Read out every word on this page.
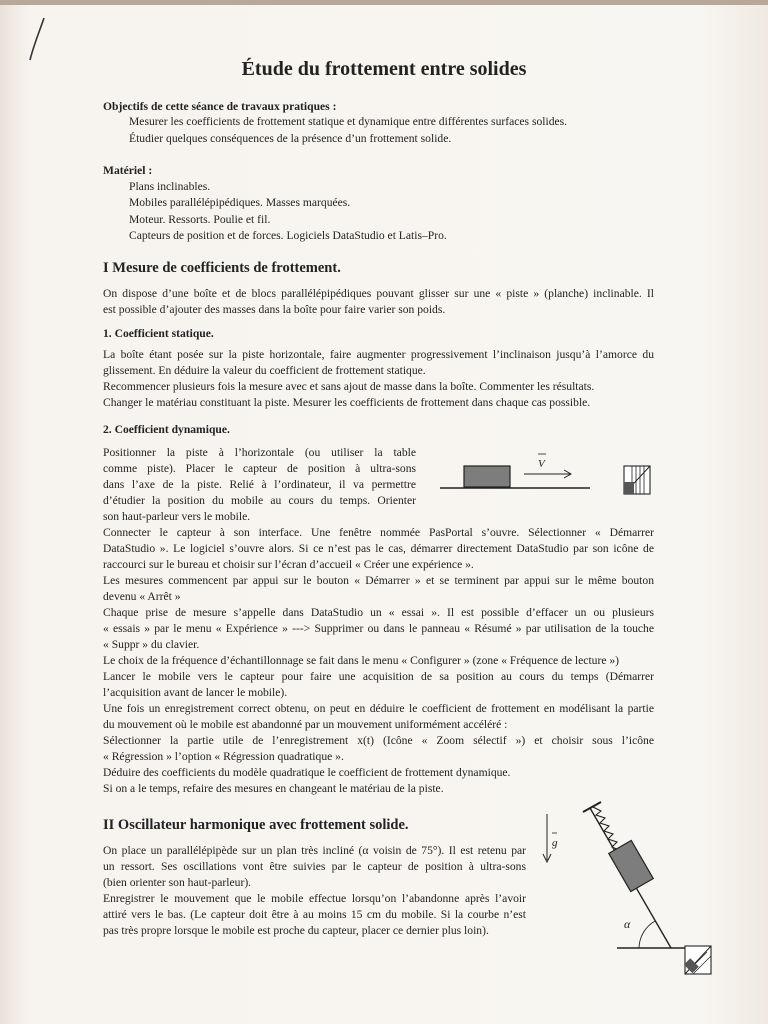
Étude du frottement entre solides
Objectifs de cette séance de travaux pratiques :
Mesurer les coefficients de frottement statique et dynamique entre différentes surfaces solides.
Étudier quelques conséquences de la présence d’un frottement solide.
Matériel :
Plans inclinables.
Mobiles parallélépipédiques. Masses marquées.
Moteur. Ressorts. Poulie et fil.
Capteurs de position et de forces. Logiciels DataStudio et Latis–Pro.
I Mesure de coefficients de frottement.
On dispose d’une boîte et de blocs parallélépipédiques pouvant glisser sur une « piste » (planche) inclinable. Il
est possible d’ajouter des masses dans la boîte pour faire varier son poids.
1. Coefficient statique.
La boîte étant posée sur la piste horizontale, faire augmenter progressivement l’inclinaison jusqu’à l’amorce du
glissement. En déduire la valeur du coefficient de frottement statique.
Recommencer plusieurs fois la mesure avec et sans ajout de masse dans la boîte. Commenter les résultats.
Changer le matériau constituant la piste. Mesurer les coefficients de frottement dans chaque cas possible.
2. Coefficient dynamique.
Positionner la piste à l’horizontale (ou utiliser la table
comme piste). Placer le capteur de position à ultra-sons
dans l’axe de la piste. Relié à l’ordinateur, il va permettre
d’étudier la position du mobile au cours du temps. Orienter
son haut-parleur vers le mobile.
V
Connecter le capteur à son interface. Une fenêtre nommée PasPortal s’ouvre. Sélectionner « Démarrer
DataStudio ». Le logiciel s’ouvre alors. Si ce n’est pas le cas, démarrer directement DataStudio par son icône de
raccourci sur le bureau et choisir sur l’écran d’accueil « Créer une expérience ».
Les mesures commencent par appui sur le bouton « Démarrer » et se terminent par appui sur le même bouton
devenu « Arrêt »
Chaque prise de mesure s’appelle dans DataStudio un « essai ». Il est possible d’effacer un ou plusieurs
« essais » par le menu « Expérience » ---> Supprimer ou dans le panneau « Résumé » par utilisation de la touche
« Suppr » du clavier.
Le choix de la fréquence d’échantillonnage se fait dans le menu « Configurer » (zone « Fréquence de lecture »)
Lancer le mobile vers le capteur pour faire une acquisition de sa position au cours du temps (Démarrer
l’acquisition avant de lancer le mobile).
Une fois un enregistrement correct obtenu, on peut en déduire le coefficient de frottement en modélisant la partie
du mouvement où le mobile est abandonné par un mouvement uniformément accéléré :
Sélectionner la partie utile de l’enregistrement x(t) (Icône « Zoom sélectif ») et choisir sous l’icône
« Régression » l’option « Régression quadratique ».
Déduire des coefficients du modèle quadratique le coefficient de frottement dynamique.
Si on a le temps, refaire des mesures en changeant le matériau de la piste.
II Oscillateur harmonique avec frottement solide.
On place un parallélépipède sur un plan très incliné (α voisin de 75°). Il est retenu par
un ressort. Ses oscillations vont être suivies par le capteur de position à ultra-sons
(bien orienter son haut-parleur).
Enregistrer le mouvement que le mobile effectue lorsqu’on l’abandonne après l’avoir
attiré vers le bas. (Le capteur doit être à au moins 15 cm du mobile. Si la courbe n’est
pas très propre lorsque le mobile est proche du capteur, placer ce dernier plus loin).
g
α
